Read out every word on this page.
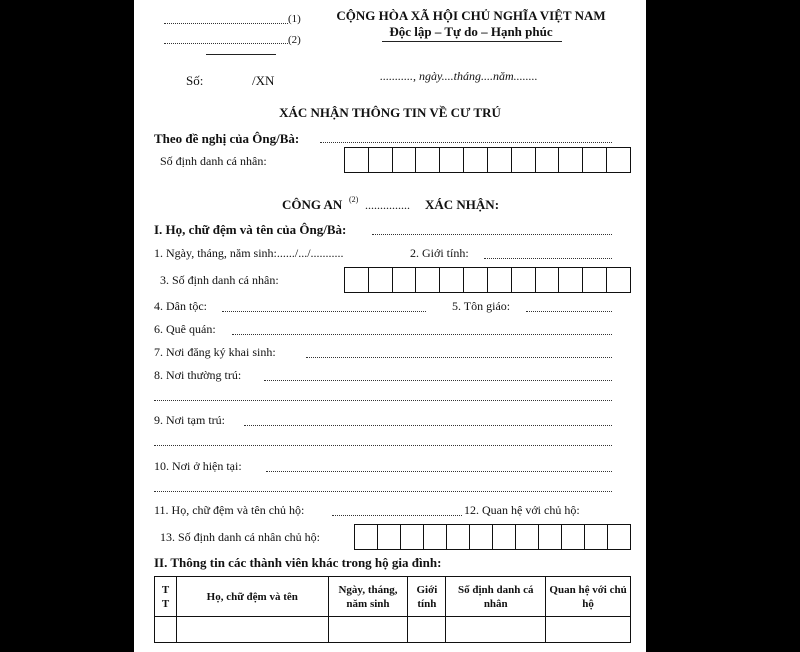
(1)
(2)
CỘNG HÒA XÃ HỘI CHỦ NGHĨA VIỆT NAM
Độc lập – Tự do – Hạnh phúc
Số:	/XN	..........., ngày....tháng....năm........
XÁC NHẬN THÔNG TIN VỀ CƯ TRÚ
Theo đề nghị của Ông/Bà:
Số định danh cá nhân:
CÔNG AN (2) ............... XÁC NHẬN:
I. Họ, chữ đệm và tên của Ông/Bà:
1. Ngày, tháng, năm sinh:....../.../...........	2. Giới tính:
3. Số định danh cá nhân:
4. Dân tộc:	5. Tôn giáo:
6. Quê quán:
7. Nơi đăng ký khai sinh:
8. Nơi thường trú:
9. Nơi tạm trú:
10. Nơi ở hiện tại:
11. Họ, chữ đệm và tên chủ hộ:	12. Quan hệ với chủ hộ:
13. Số định danh cá nhân chủ hộ:
II. Thông tin các thành viên khác trong hộ gia đình:
T T	Họ, chữ đệm và tên	Ngày, tháng, năm sinh	Giới tính	Số định danh cá nhân	Quan hệ với chủ hộ
